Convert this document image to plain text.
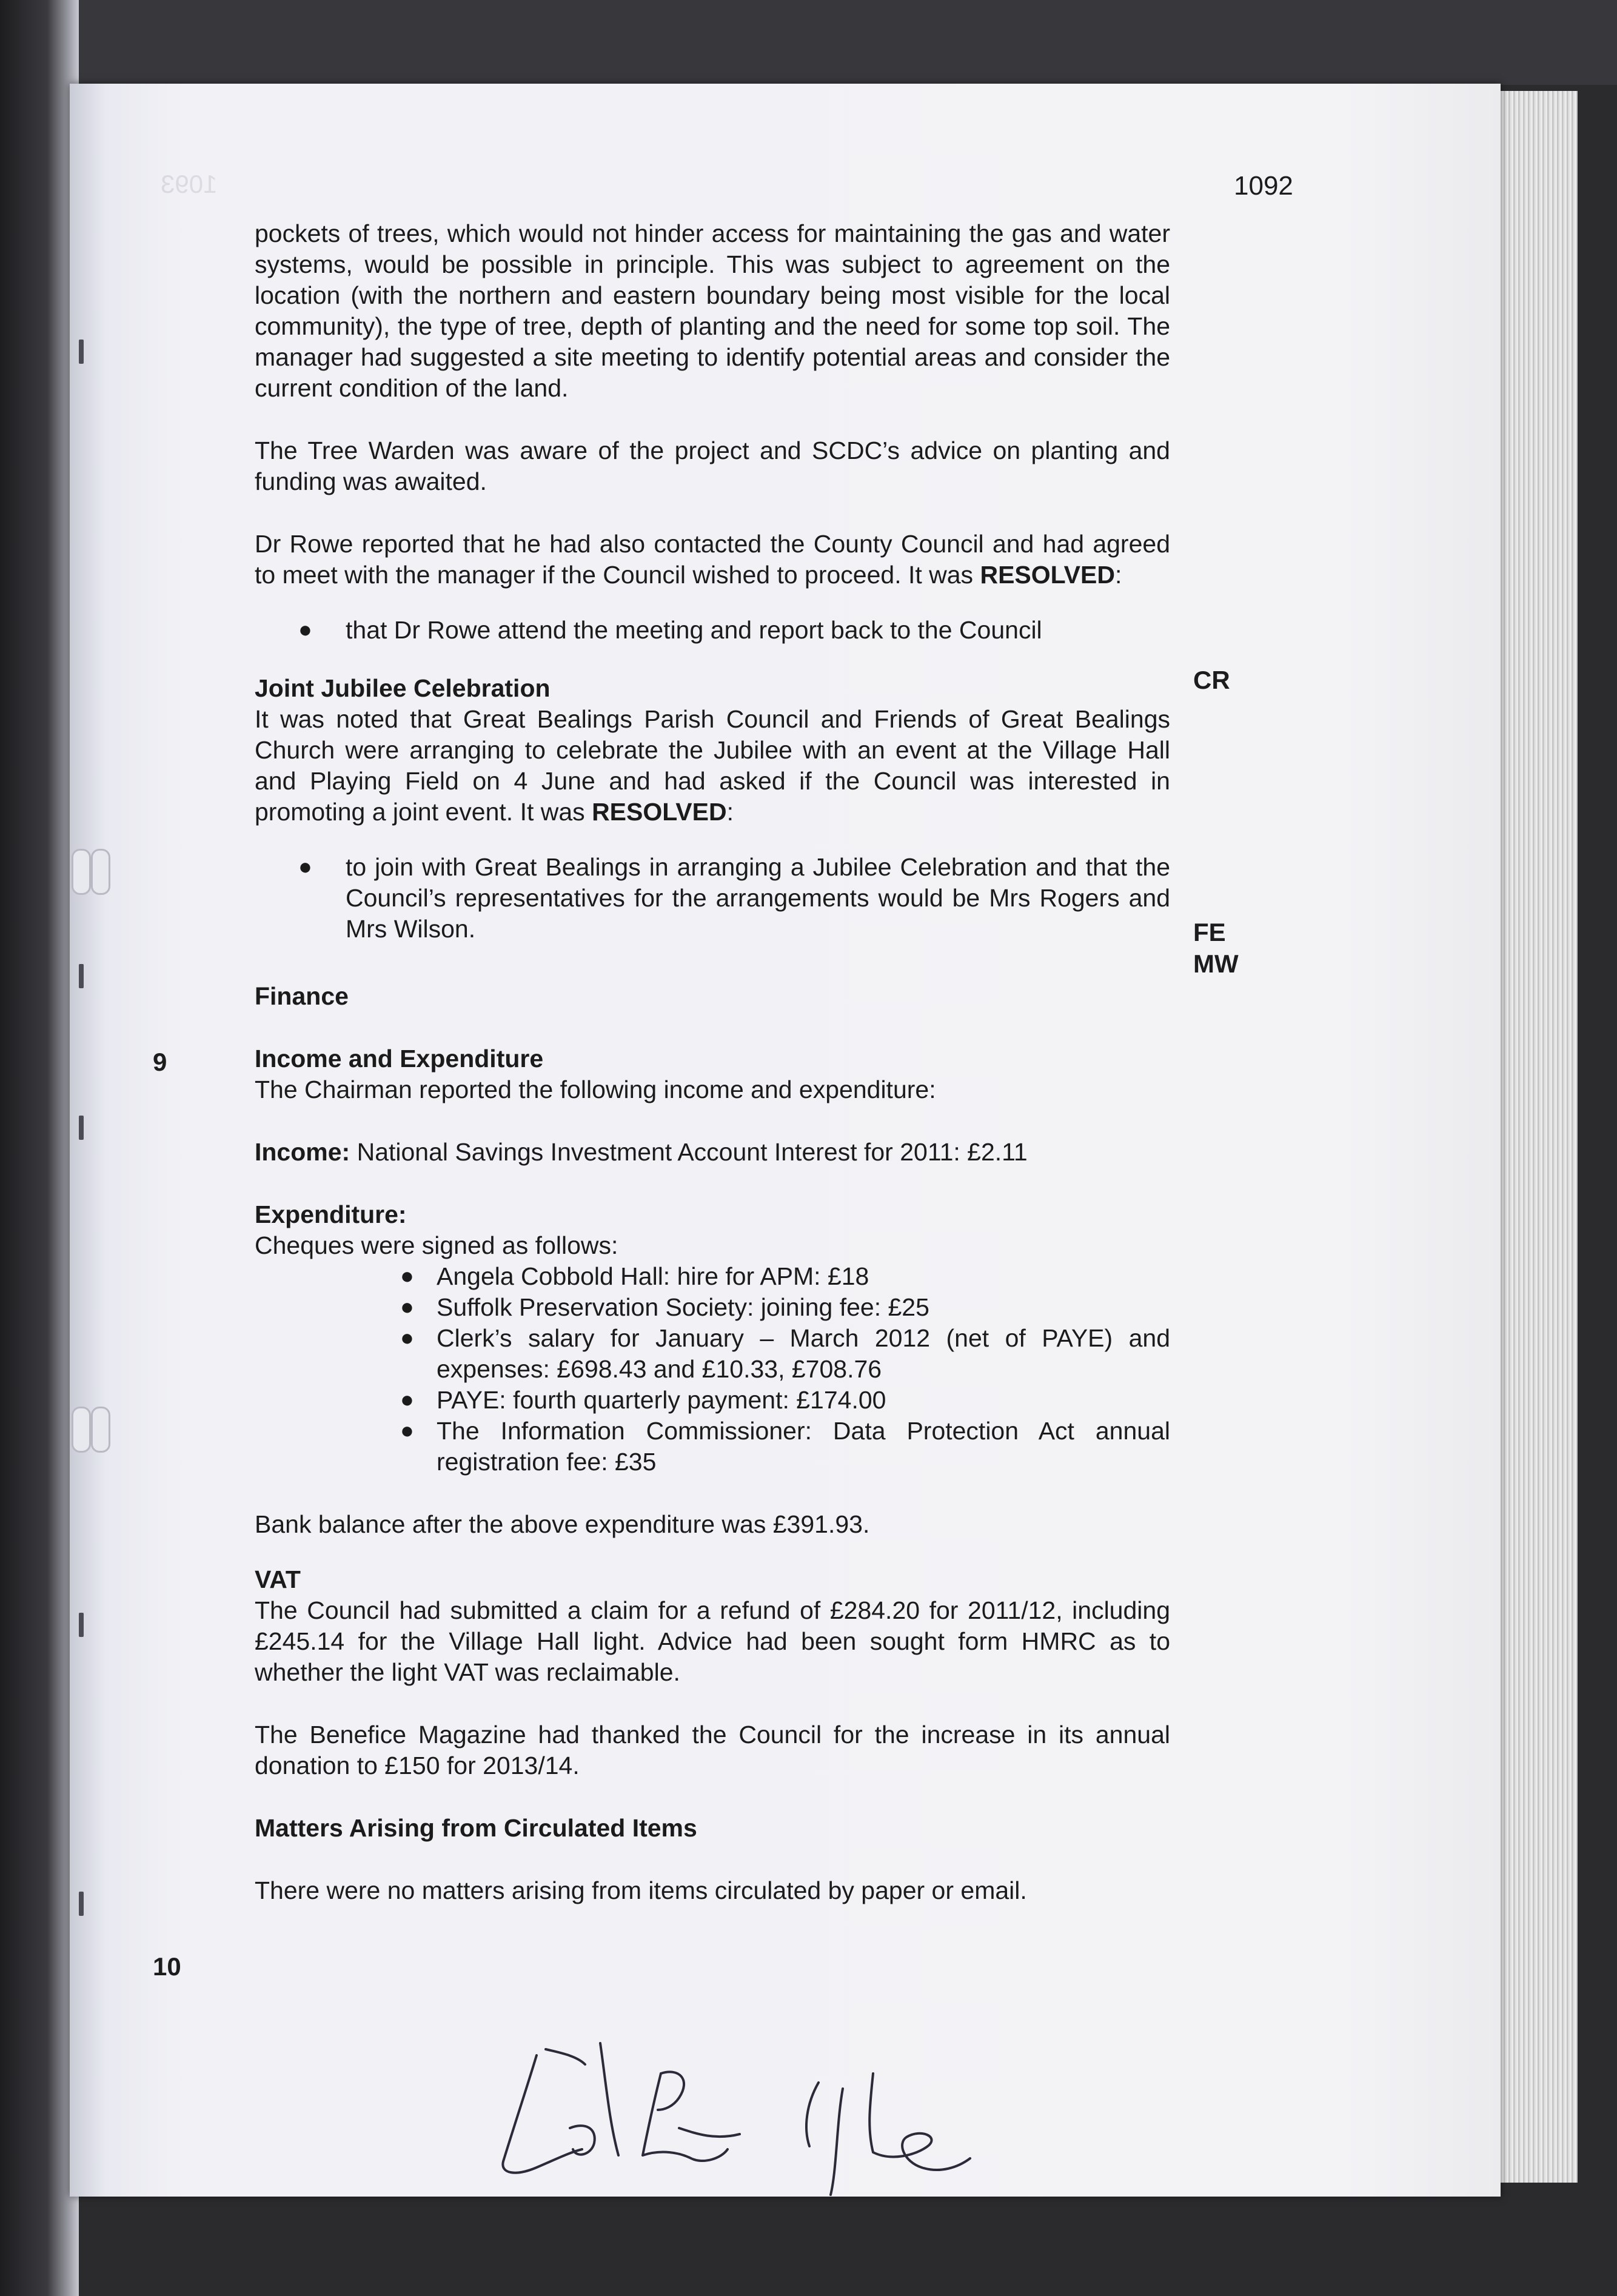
1093	1092

pockets of trees, which would not hinder access for maintaining the gas and water systems, would be possible in principle. This was subject to agreement on the location (with the northern and eastern boundary being most visible for the local community), the type of tree, depth of planting and the need for some top soil. The manager had suggested a site meeting to identify potential areas and consider the current condition of the land.

The Tree Warden was aware of the project and SCDC’s advice on planting and funding was awaited.

Dr Rowe reported that he had also contacted the County Council and had agreed to meet with the manager if the Council wished to proceed. It was RESOLVED:

● that Dr Rowe attend the meeting and report back to the Council

Joint Jubilee Celebration

It was noted that Great Bealings Parish Council and Friends of Great Bealings Church were arranging to celebrate the Jubilee with an event at the Village Hall and Playing Field on 4 June and had asked if the Council was interested in promoting a joint event. It was RESOLVED:

● to join with Great Bealings in arranging a Jubilee Celebration and that the Council’s representatives for the arrangements would be Mrs Rogers and Mrs Wilson.

Finance

Income and Expenditure

The Chairman reported the following income and expenditure:

Income: National Savings Investment Account Interest for 2011: £2.11

Expenditure:

Cheques were signed as follows:

● Angela Cobbold Hall: hire for APM: £18
● Suffolk Preservation Society: joining fee: £25
● Clerk’s salary for January – March 2012 (net of PAYE) and expenses: £698.43 and £10.33, £708.76
● PAYE: fourth quarterly payment: £174.00
● The Information Commissioner: Data Protection Act annual registration fee: £35

Bank balance after the above expenditure was £391.93.

VAT

The Council had submitted a claim for a refund of £284.20 for 2011/12, including £245.14 for the Village Hall light. Advice had been sought form HMRC as to whether the light VAT was reclaimable.

The Benefice Magazine had thanked the Council for the increase in its annual donation to £150 for 2013/14.

Matters Arising from Circulated Items

There were no matters arising from items circulated by paper or email.

CR
FE
MW
9
10
